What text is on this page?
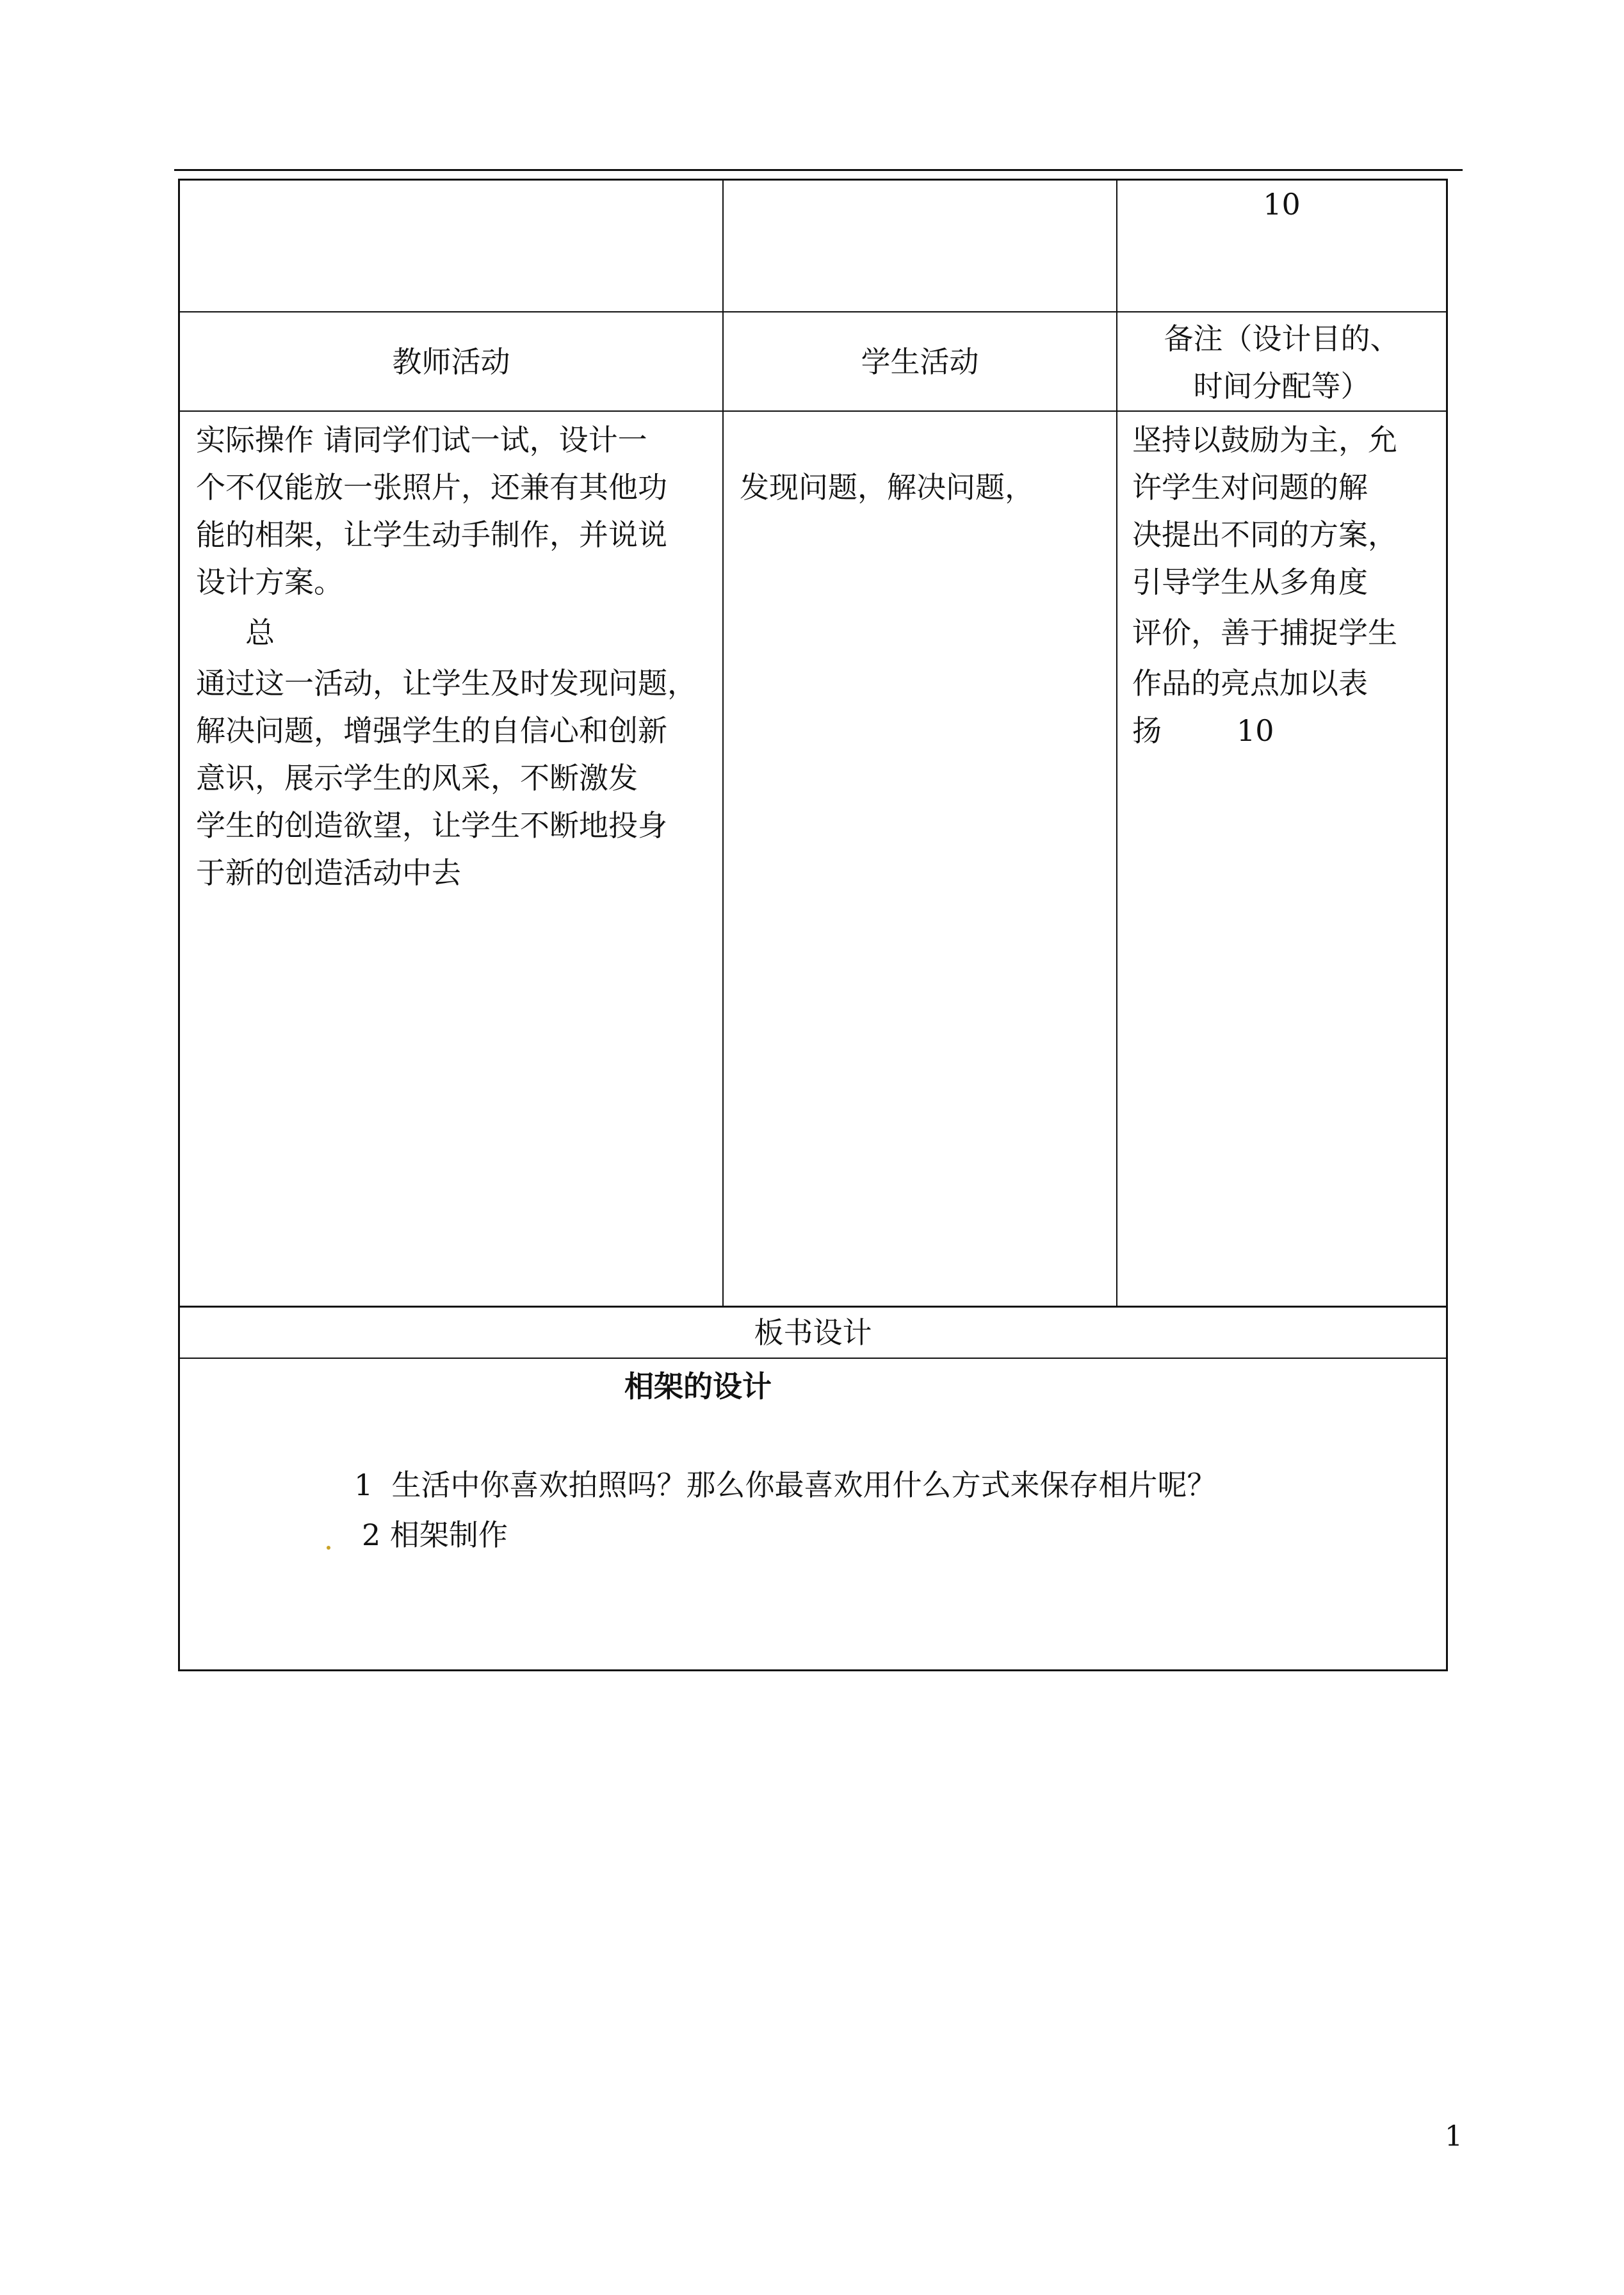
10
教师活动	学生活动
备注（设计目的、
时间分配等）
实际操作 请同学们试一试，设计一
个不仅能放一张照片，还兼有其他功
能的相架，让学生动手制作，并说说
设计方案。
总
通过这一活动，让学生及时发现问题，
解决问题，增强学生的自信心和创新
意识，展示学生的风采，不断激发
学生的创造欲望，让学生不断地投身
于新的创造活动中去
发现问题，解决问题，
坚持以鼓励为主，允
许学生对问题的解
决提出不同的方案，
引导学生从多角度
评价，善于捕捉学生
作品的亮点加以表
扬        10
板书设计
相架的设计
1  生活中你喜欢拍照吗？那么你最喜欢用什么方式来保存相片呢？
2 相架制作
1
